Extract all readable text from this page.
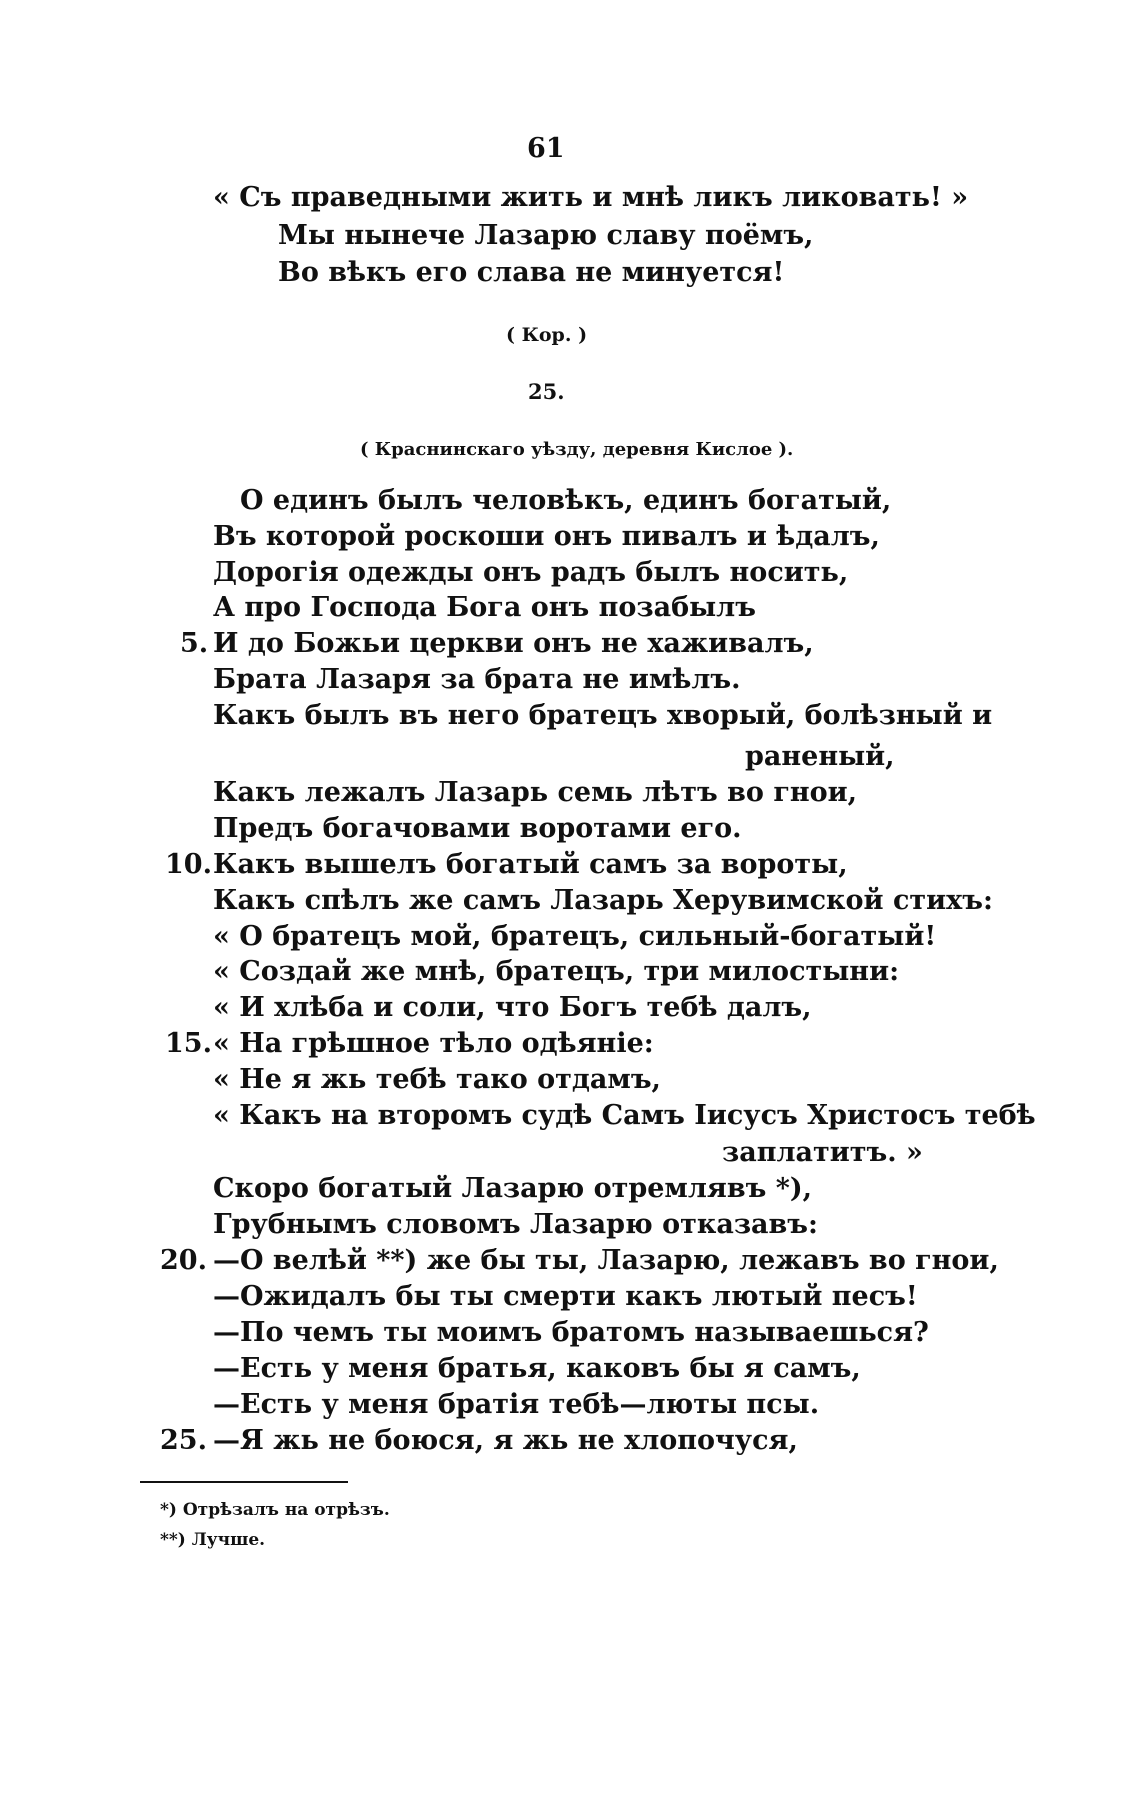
61
« Съ праведными жить и мнѣ ликъ ликовать! »
Мы нынече Лазарю славу поёмъ,
Во вѣкъ его слава не минуется!
( Кор. )
25.
( Краснинскаго уѣзду, деревня Кислое ).
О единъ былъ человѣкъ, единъ богатый,
Въ которой роскоши онъ пивалъ и ѣдалъ,
Дорогія одежды онъ радъ былъ носить,
А про Господа Бога онъ позабылъ
5. И до Божьи церкви онъ не хаживалъ,
Брата Лазаря за брата не имѣлъ.
Какъ былъ въ него братецъ хворый, болѣзный и
раненый,
Какъ лежалъ Лазарь семь лѣтъ во гнои,
Предъ богачовами воротами его.
10. Какъ вышелъ богатый самъ за вороты,
Какъ спѣлъ же самъ Лазарь Херувимской стихъ:
« О братецъ мой, братецъ, сильный-богатый!
« Создай же мнѣ, братецъ, три милостыни:
« И хлѣба и соли, что Богъ тебѣ далъ,
15. « На грѣшное тѣло одѣяніе:
« Не я жь тебѣ тако отдамъ,
« Какъ на второмъ судѣ Самъ Іисусъ Христосъ тебѣ
заплатитъ. »
Скоро богатый Лазарю отремлявъ *),
Грубнымъ словомъ Лазарю отказавъ:
20. —О велѣй **) же бы ты, Лазарю, лежавъ во гнои,
—Ожидалъ бы ты смерти какъ лютый песъ!
—По чемъ ты моимъ братомъ называешься?
—Есть у меня братья, каковъ бы я самъ,
—Есть у меня братія тебѣ—люты псы.
25. —Я жь не боюся, я жь не хлопочуся,
*) Отрѣзалъ на отрѣзъ.
**) Лучше.
